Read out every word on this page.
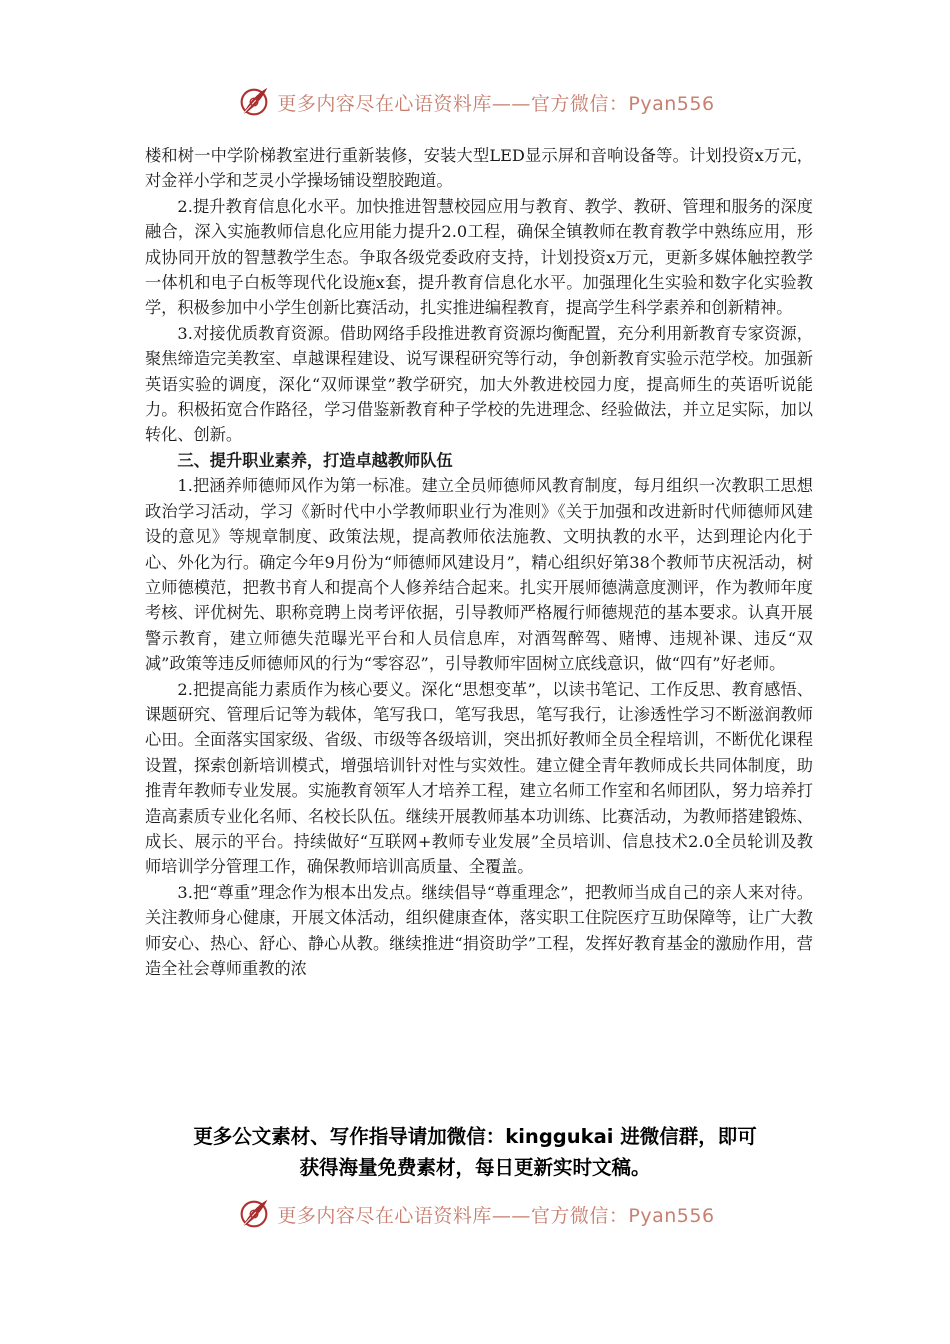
更多内容尽在心语资料库——官方微信：Pyan556

楼和树一中学阶梯教室进行重新装修，安装大型LED显示屏和音响设备等。计划投资x万元，对金祥小学和芝灵小学操场铺设塑胶跑道。

2.提升教育信息化水平。加快推进智慧校园应用与教育、教学、教研、管理和服务的深度融合，深入实施教师信息化应用能力提升2.0工程，确保全镇教师在教育教学中熟练应用，形成协同开放的智慧教学生态。争取各级党委政府支持，计划投资x万元，更新多媒体触控教学一体机和电子白板等现代化设施x套，提升教育信息化水平。加强理化生实验和数字化实验教学，积极参加中小学生创新比赛活动，扎实推进编程教育，提高学生科学素养和创新精神。

3.对接优质教育资源。借助网络手段推进教育资源均衡配置，充分利用新教育专家资源，聚焦缔造完美教室、卓越课程建设、说写课程研究等行动，争创新教育实验示范学校。加强新英语实验的调度，深化“双师课堂”教学研究，加大外教进校园力度，提高师生的英语听说能力。积极拓宽合作路径，学习借鉴新教育种子学校的先进理念、经验做法，并立足实际，加以转化、创新。

三、提升职业素养，打造卓越教师队伍

1.把涵养师德师风作为第一标准。建立全员师德师风教育制度，每月组织一次教职工思想政治学习活动，学习《新时代中小学教师职业行为准则》《关于加强和改进新时代师德师风建设的意见》等规章制度、政策法规，提高教师依法施教、文明执教的水平，达到理论内化于心、外化为行。确定今年9月份为“师德师风建设月”，精心组织好第38个教师节庆祝活动，树立师德模范，把教书育人和提高个人修养结合起来。扎实开展师德满意度测评，作为教师年度考核、评优树先、职称竞聘上岗考评依据，引导教师严格履行师德规范的基本要求。认真开展警示教育，建立师德失范曝光平台和人员信息库，对酒驾醉驾、赌博、违规补课、违反“双减”政策等违反师德师风的行为“零容忍”，引导教师牢固树立底线意识，做“四有”好老师。

2.把提高能力素质作为核心要义。深化“思想变革”，以读书笔记、工作反思、教育感悟、课题研究、管理后记等为载体，笔写我口，笔写我思，笔写我行，让渗透性学习不断滋润教师心田。全面落实国家级、省级、市级等各级培训，突出抓好教师全员全程培训，不断优化课程设置，探索创新培训模式，增强培训针对性与实效性。建立健全青年教师成长共同体制度，助推青年教师专业发展。实施教育领军人才培养工程，建立名师工作室和名师团队，努力培养打造高素质专业化名师、名校长队伍。继续开展教师基本功训练、比赛活动，为教师搭建锻炼、成长、展示的平台。持续做好“互联网+教师专业发展”全员培训、信息技术2.0全员轮训及教师培训学分管理工作，确保教师培训高质量、全覆盖。

3.把“尊重”理念作为根本出发点。继续倡导“尊重理念”，把教师当成自己的亲人来对待。关注教师身心健康，开展文体活动，组织健康查体，落实职工住院医疗互助保障等，让广大教师安心、热心、舒心、静心从教。继续推进“捐资助学”工程，发挥好教育基金的激励作用，营造全社会尊师重教的浓

更多公文素材、写作指导请加微信：kinggukai 进微信群，即可
获得海量免费素材，每日更新实时文稿。
更多内容尽在心语资料库——官方微信：Pyan556
